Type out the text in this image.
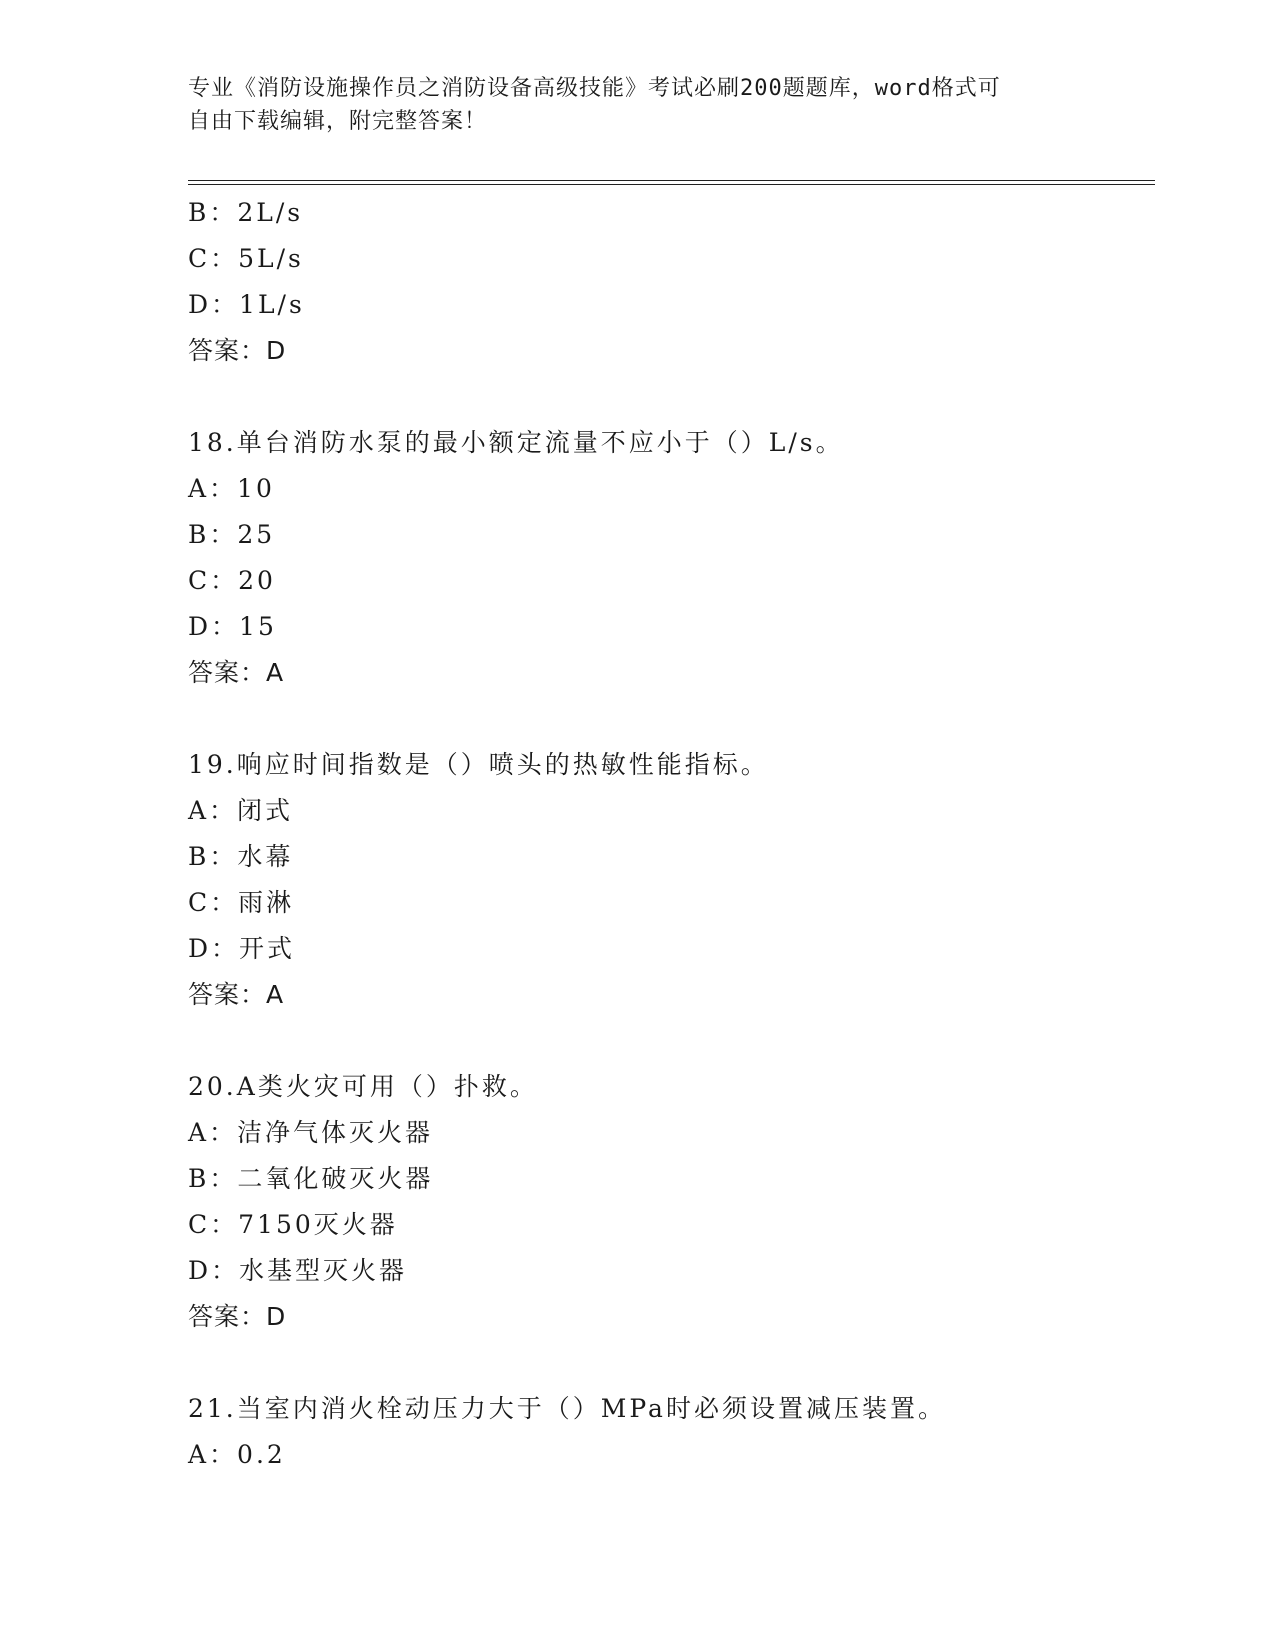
专业《消防设施操作员之消防设备高级技能》考试必刷200题题库，word格式可
自由下载编辑，附完整答案！
B：2L/s
C：5L/s
D：1L/s
答案：D
18.单台消防水泵的最小额定流量不应小于（）L/s。
A：10
B：25
C：20
D：15
答案：A
19.响应时间指数是（）喷头的热敏性能指标。
A：闭式
B：水幕
C：雨淋
D：开式
答案：A
20.A类火灾可用（）扑救。
A：洁净气体灭火器
B：二氧化破灭火器
C：7150灭火器
D：水基型灭火器
答案：D
21.当室内消火栓动压力大于（）MPa时必须设置减压装置。
A：0.2
